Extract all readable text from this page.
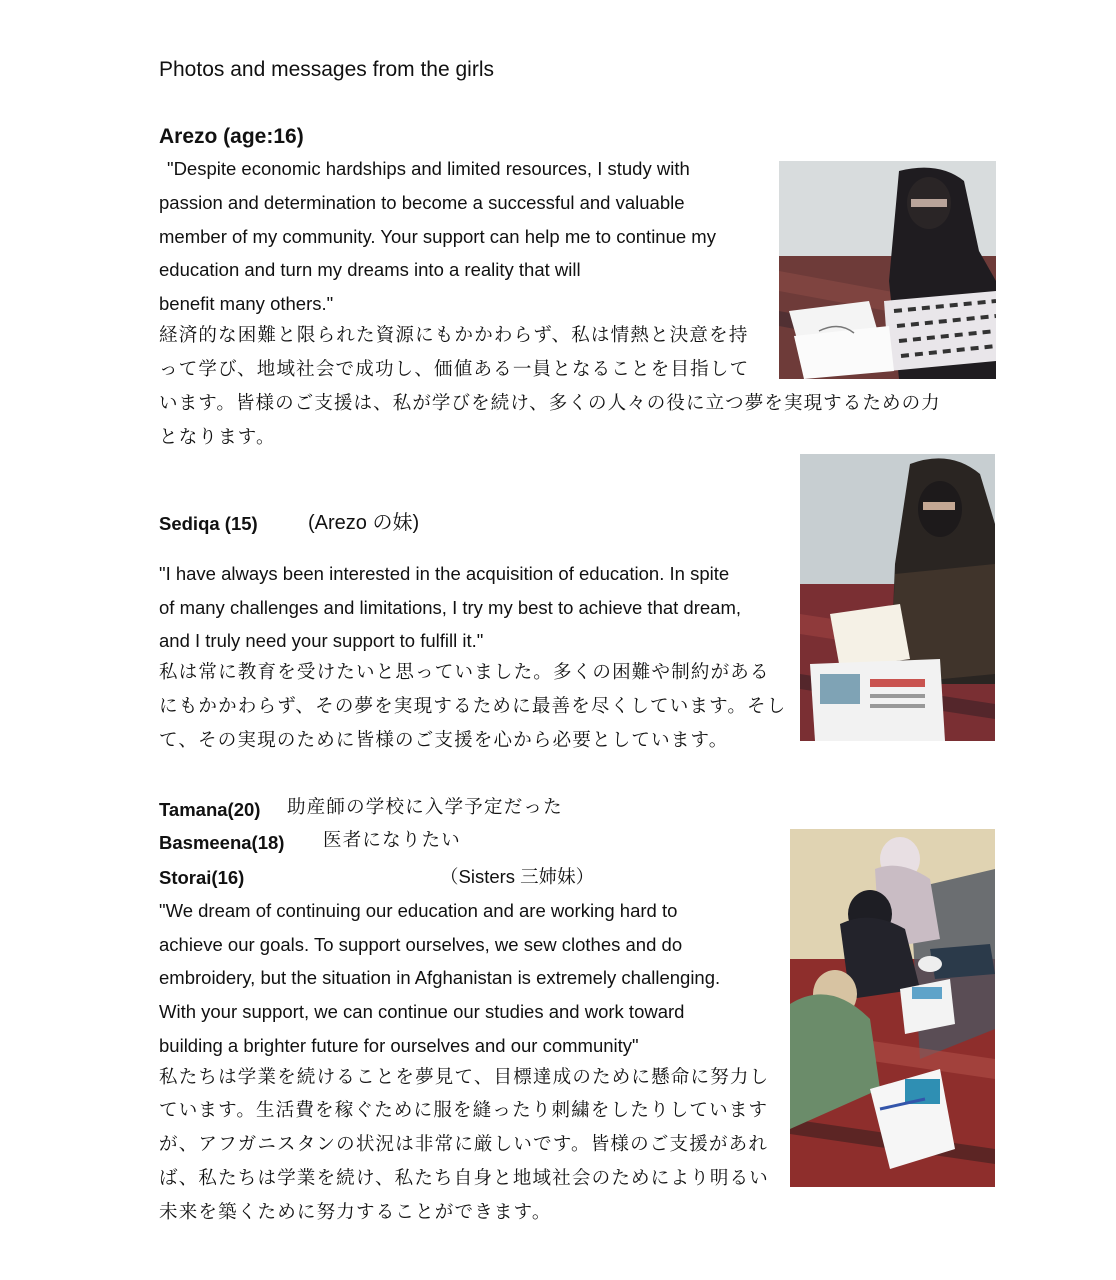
Photos and messages from the girls
Arezo (age:16)
"Despite economic hardships and limited resources, I study with
passion and determination to become a successful and valuable
member of my community. Your support can help me to continue my
education and turn my dreams into a reality that will
benefit many others."
経済的な困難と限られた資源にもかかわらず、私は情熱と決意を持
って学び、地域社会で成功し、価値ある一員となることを目指して
います。皆様のご支援は、私が学びを続け、多くの人々の役に立つ夢を実現するための力
となります。
Sediqa (15)	(Arezo の妹)
"I have always been interested in the acquisition of education. In spite
of many challenges and limitations, I try my best to achieve that dream,
and I truly need your support to fulfill it."
私は常に教育を受けたいと思っていました。多くの困難や制約がある
にもかかわらず、その夢を実現するために最善を尽くしています。そし
て、その実現のために皆様のご支援を心から必要としています。
Tamana(20) 助産師の学校に入学予定だった
Basmeena(18) 医者になりたい
Storai(16)	（Sisters 三姉妹）
"We dream of continuing our education and are working hard to
achieve our goals. To support ourselves, we sew clothes and do
embroidery, but the situation in Afghanistan is extremely challenging.
With your support, we can continue our studies and work toward
building a brighter future for ourselves and our community"
私たちは学業を続けることを夢見て、目標達成のために懸命に努力し
ています。生活費を稼ぐために服を縫ったり刺繍をしたりしています
が、アフガニスタンの状況は非常に厳しいです。皆様のご支援があれ
ば、私たちは学業を続け、私たち自身と地域社会のためにより明るい
未来を築くために努力することができます。
